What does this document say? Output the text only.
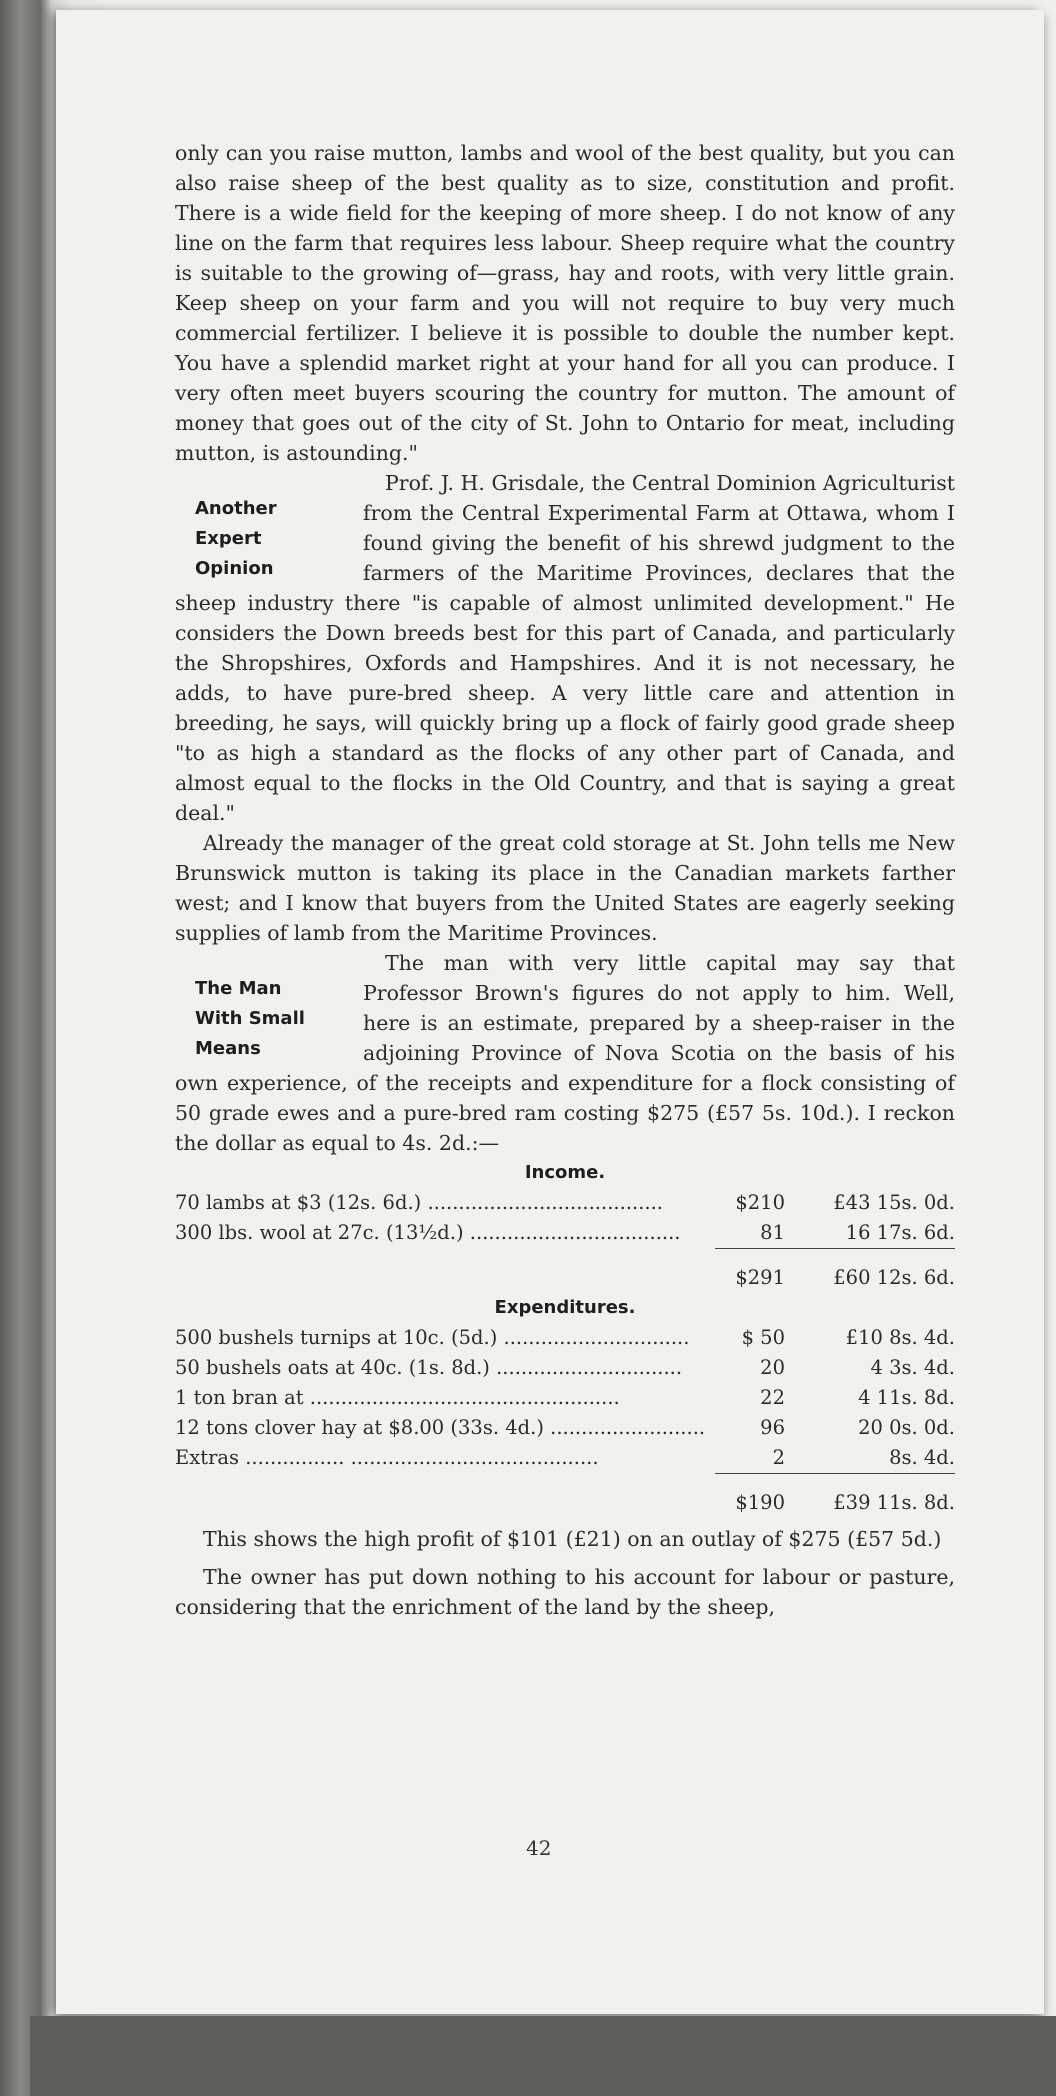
only can you raise mutton, lambs and wool of the best quality, but you can also raise sheep of the best quality as to size, constitution and profit. There is a wide field for the keeping of more sheep. I do not know of any line on the farm that requires less labour. Sheep require what the country is suitable to the growing of—grass, hay and roots, with very little grain. Keep sheep on your farm and you will not require to buy very much commercial fertilizer. I believe it is possible to double the number kept. You have a splendid market right at your hand for all you can produce. I very often meet buyers scouring the country for mutton. The amount of money that goes out of the city of St. John to Ontario for meat, including mutton, is astounding."

Another
Expert
Opinion

Prof. J. H. Grisdale, the Central Dominion Agriculturist from the Central Experimental Farm at Ottawa, whom I found giving the benefit of his shrewd judgment to the farmers of the Maritime Provinces, declares that the sheep industry there "is capable of almost unlimited development." He considers the Down breeds best for this part of Canada, and particularly the Shropshires, Oxfords and Hampshires. And it is not necessary, he adds, to have pure-bred sheep. A very little care and attention in breeding, he says, will quickly bring up a flock of fairly good grade sheep "to as high a standard as the flocks of any other part of Canada, and almost equal to the flocks in the Old Country, and that is saying a great deal."

Already the manager of the great cold storage at St. John tells me New Brunswick mutton is taking its place in the Canadian markets farther west; and I know that buyers from the United States are eagerly seeking supplies of lamb from the Maritime Provinces.

The Man
With Small
Means

The man with very little capital may say that Professor Brown's figures do not apply to him. Well, here is an estimate, prepared by a sheep-raiser in the adjoining Province of Nova Scotia on the basis of his own experience, of the receipts and expenditure for a flock consisting of 50 grade ewes and a pure-bred ram costing $275 (£57 5s. 10d.). I reckon the dollar as equal to 4s. 2d.:—

Income.

70 lambs at $3 (12s. 6d.) ......................................	$210	£43 15s. 0d.
300 lbs. wool at 27c. (13½d.) ..................................	81	16 17s. 6d.

	$291	£60 12s. 6d.

Expenditures.

500 bushels turnips at 10c. (5d.) ..............................	$ 50	£10 8s. 4d.
50 bushels oats at 40c. (1s. 8d.) ..............................	20	4 3s. 4d.
1 ton bran at ..................................................	22	4 11s. 8d.
12 tons clover hay at $8.00 (33s. 4d.) .........................	96	20 0s. 0d.
Extras ................ ........................................	2	8s. 4d.

	$190	£39 11s. 8d.

This shows the high profit of $101 (£21) on an outlay of $275 (£57 5d.)

The owner has put down nothing to his account for labour or pasture, considering that the enrichment of the land by the sheep,

42
